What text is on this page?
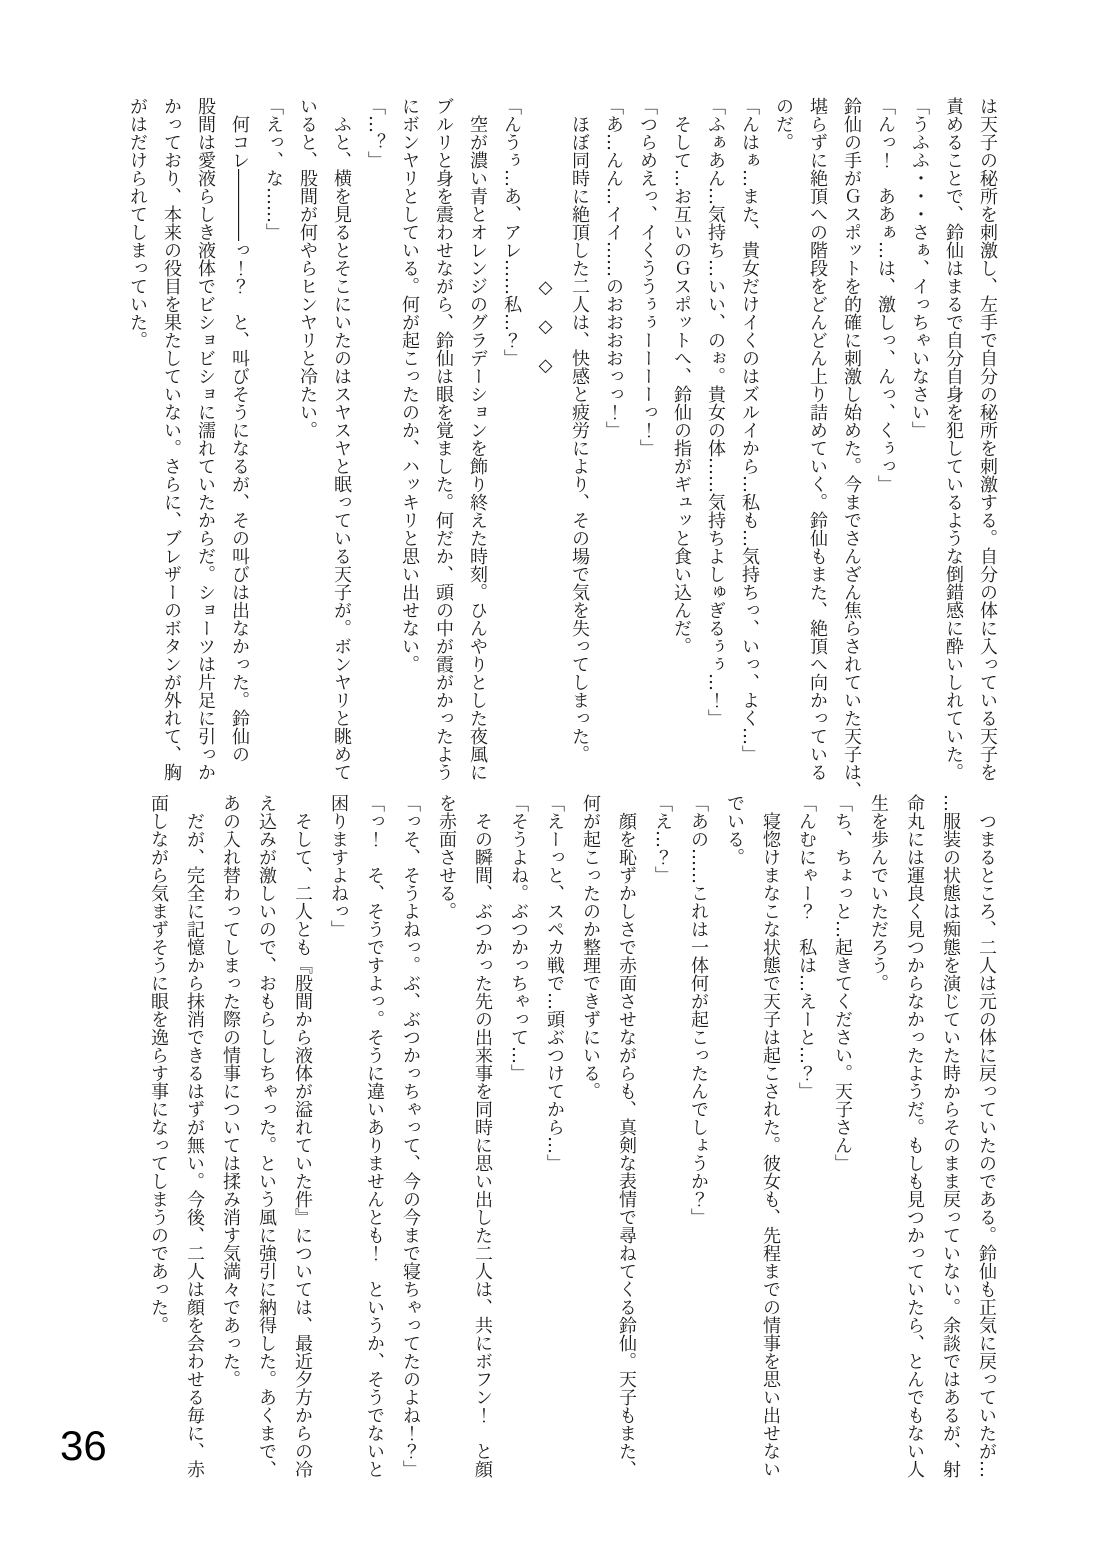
は天子の秘所を刺激し、左手で自分の秘所を刺激する。自分の体に入っている天子を

責めることで、鈴仙はまるで自分自身を犯しているような倒錯感に酔いしれていた。

「うふふ・・・さぁ、イっちゃいなさい」

「んっ！　ああぁ…は、激しっ、んっ、くぅっ」

鈴仙の手がＧスポットを的確に刺激し始めた。今までさんざん焦らされていた天子は、

堪らずに絶頂への階段をどんどん上り詰めていく。鈴仙もまた、絶頂へ向かっている

のだ。

「んはぁ…また、貴女だけイくのはズルイから…私も…気持ちっ、いっ、よく…」

「ふぁあん…気持ち…いい、のぉ。貴女の体……気持ちよしゅぎるぅぅ…！」

　そして…お互いのＧスポットへ、鈴仙の指がギュッと食い込んだ。

「つらめえっ、イくううぅぅーーーーっ！」

「あ…んん…イイ……のおおおおっっ！」

　ほぼ同時に絶頂した二人は、快感と疲労により、その場で気を失ってしまった。

　　　　　　　　　　◇　◇　◇

「んうぅ…あ、アレ……私…？」

　空が濃い青とオレンジのグラデーションを飾り終えた時刻。ひんやりとした夜風に

ブルリと身を震わせながら、鈴仙は眼を覚ました。何だか、頭の中が霞がかったよう

にボンヤリとしている。何が起こったのか、ハッキリと思い出せない。

「…？」

　ふと、横を見るとそこにいたのはスヤスヤと眠っている天子が。ボンヤリと眺めて

いると、股間が何やらヒンヤリと冷たい。

「えっ、な……」

　何コレ――――っ！？　と、叫びそうになるが、その叫びは出なかった。鈴仙の

股間は愛液らしき液体でビショビショに濡れていたからだ。ショーツは片足に引っか

かっており、本来の役目を果たしていない。さらに、ブレザーのボタンが外れて、胸

がはだけられてしまっていた。

　つまるところ、二人は元の体に戻っていたのである。鈴仙も正気に戻っていたが…

…服装の状態は痴態を演じていた時からそのまま戻っていない。余談ではあるが、射

命丸には運良く見つからなかったようだ。もしも見つかっていたら、とんでもない人

生を歩んでいただろう。

「ち、ちょっと…起きてください。天子さん」

「んむにゃー？　私は…えーと…？」

　寝惚けまなこな状態で天子は起こされた。彼女も、先程までの情事を思い出せない

でいる。

「あの……これは一体何が起こったんでしょうか？」

「え…？」

　顔を恥ずかしさで赤面させながらも、真剣な表情で尋ねてくる鈴仙。天子もまた、

何が起こったのか整理できずにいる。

「えーっと、スペカ戦で…頭ぶつけてから…」

「そうよね。ぶつかっちゃって…」

　その瞬間、ぶつかった先の出来事を同時に思い出した二人は、共にボフン！　と顔

を赤面させる。

「っそ、そうよねっ。ぶ、ぶつかっちゃって、今の今まで寝ちゃってたのよね！？」

「っ！　そ、そうですよっ。そうに違いありませんとも！　というか、そうでないと

困りますよねっ」

　そして、二人とも『股間から液体が溢れていた件』については、最近夕方からの冷

え込みが激しいので、おもらししちゃった。という風に強引に納得した。あくまで、

あの入れ替わってしまった際の情事については揉み消す気満々であった。

　だが、完全に記憶から抹消できるはずが無い。今後、二人は顔を会わせる毎に、赤

面しながら気まずそうに眼を逸らす事になってしまうのであった。

36
